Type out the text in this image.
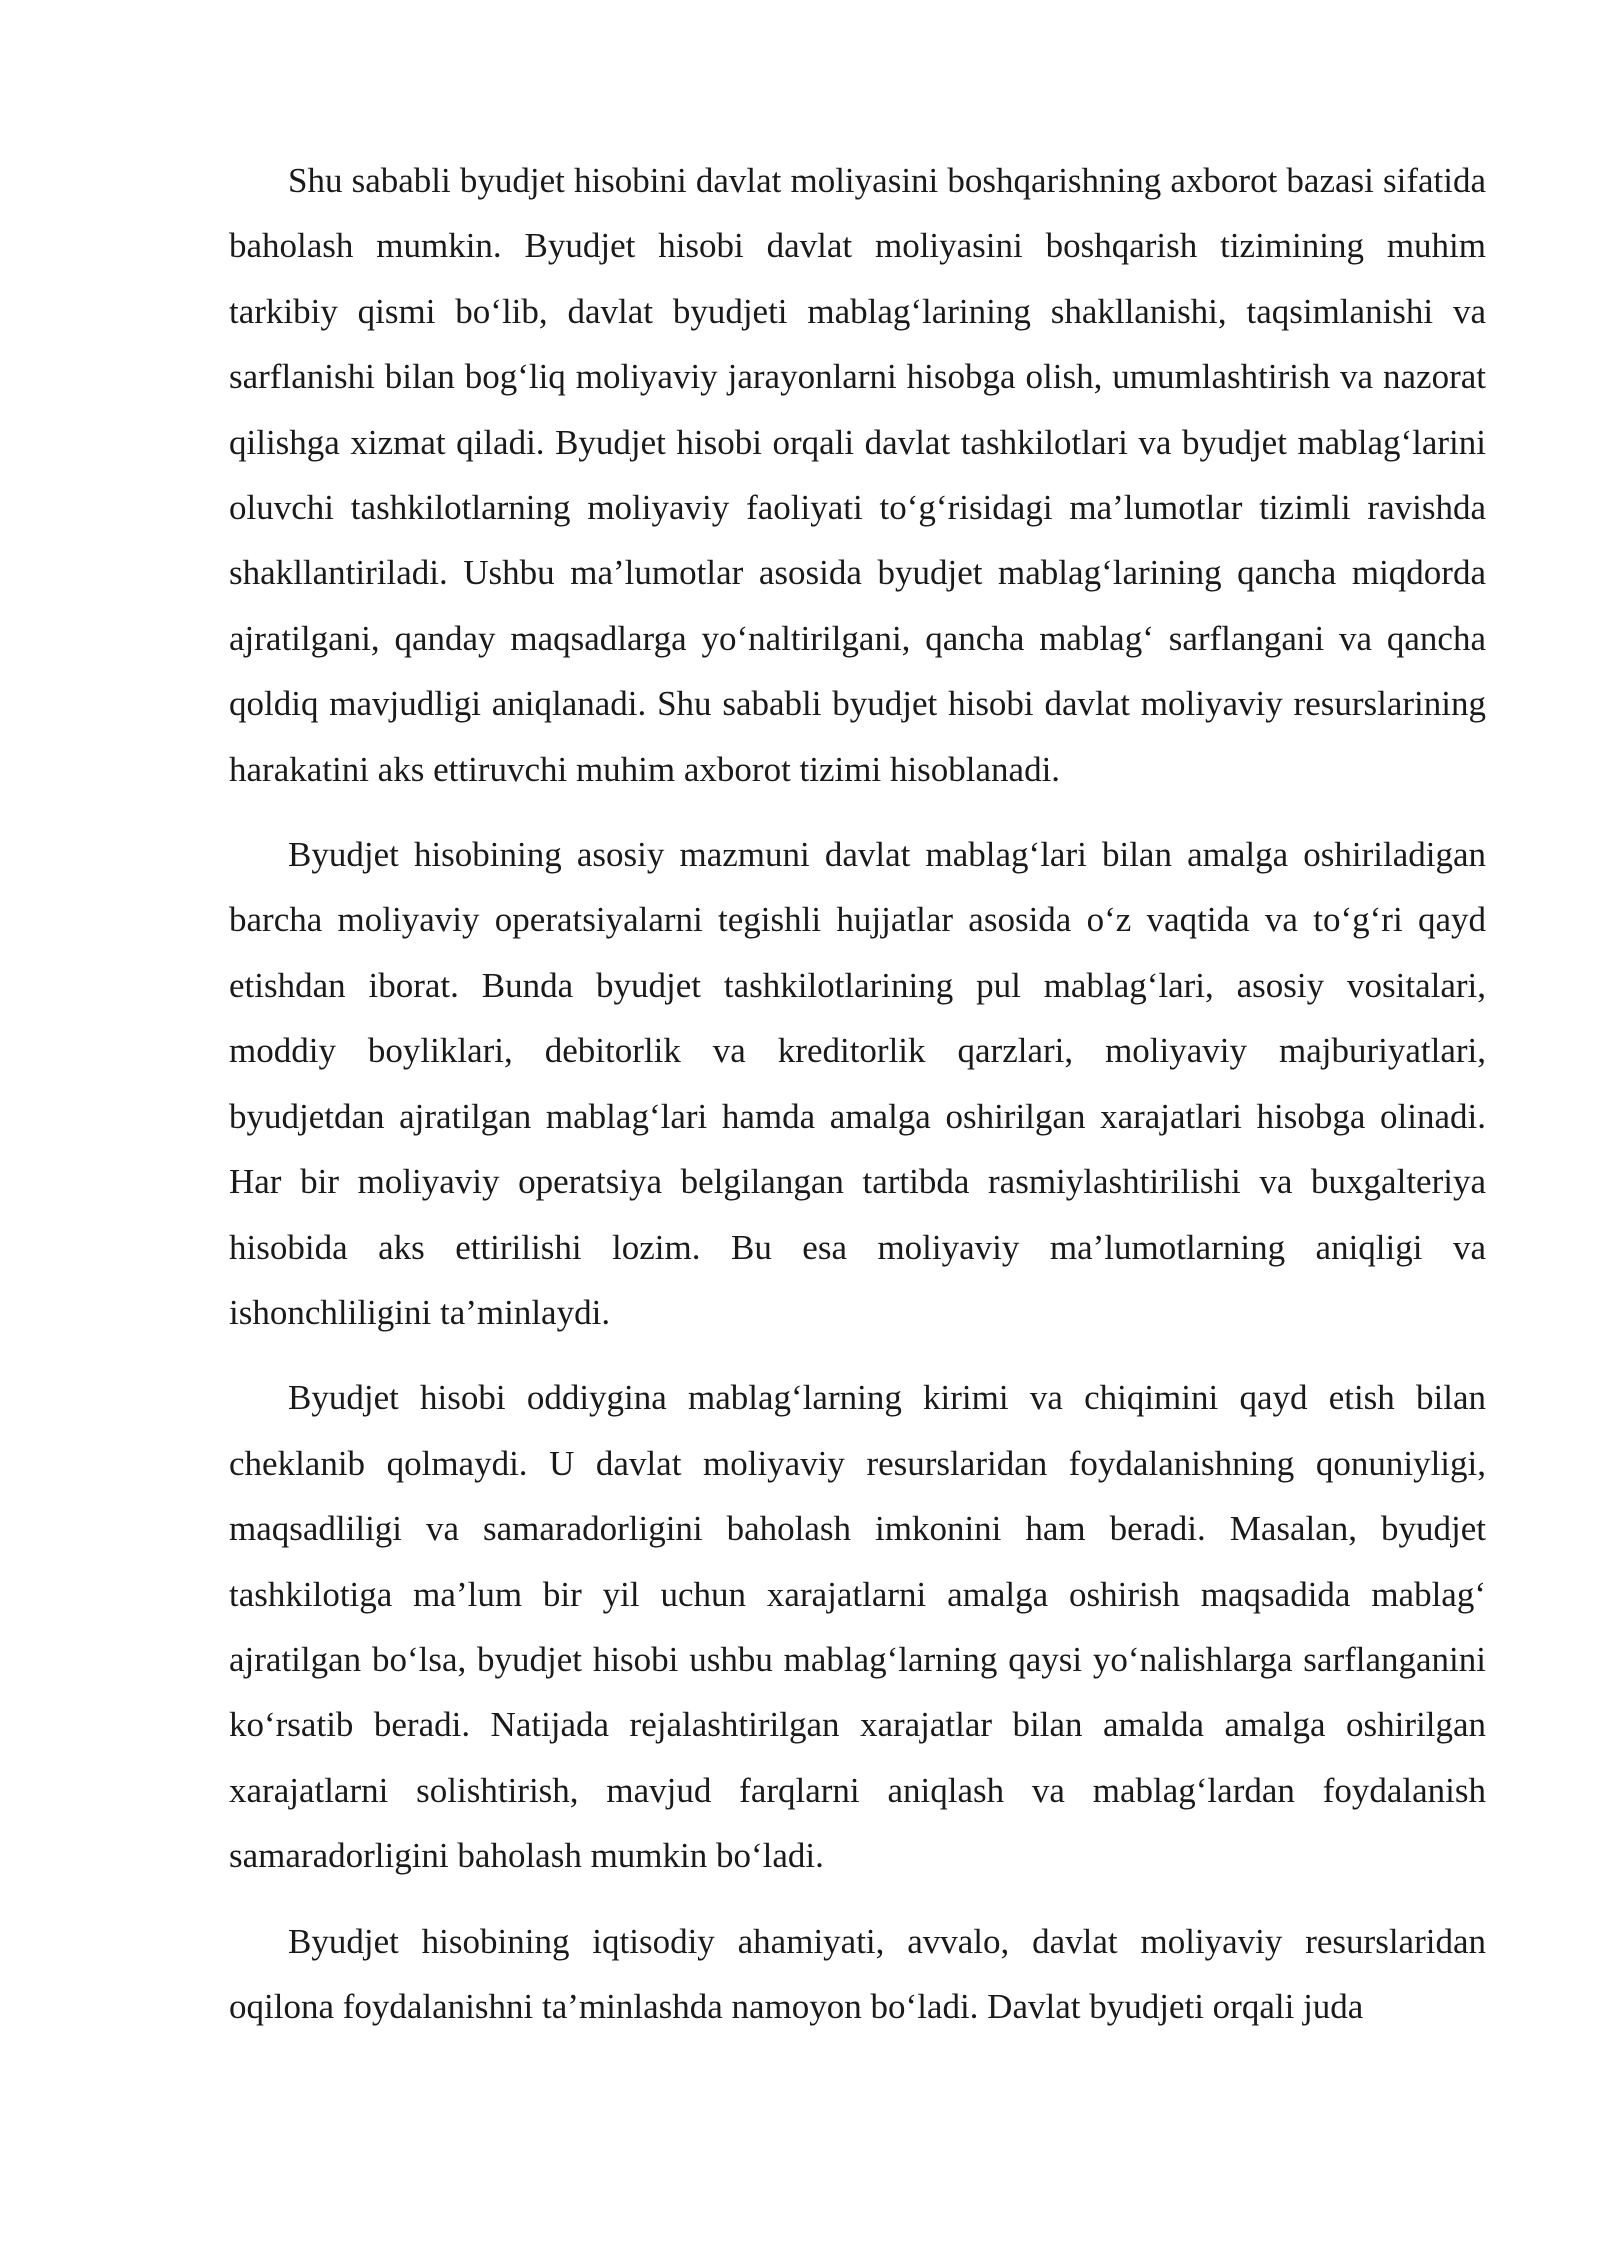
Shu sababli byudjet hisobini davlat moliyasini boshqarishning axborot bazasi sifatida baholash mumkin. Byudjet hisobi davlat moliyasini boshqarish tizimining muhim tarkibiy qismi bo‘lib, davlat byudjeti mablag‘larining shakllanishi, taqsimlanishi va sarflanishi bilan bog‘liq moliyaviy jarayonlarni hisobga olish, umumlashtirish va nazorat qilishga xizmat qiladi. Byudjet hisobi orqali davlat tashkilotlari va byudjet mablag‘larini oluvchi tashkilotlarning moliyaviy faoliyati to‘g‘risidagi ma’lumotlar tizimli ravishda shakllantiriladi. Ushbu ma’lumotlar asosida byudjet mablag‘larining qancha miqdorda ajratilgani, qanday maqsadlarga yo‘naltirilgani, qancha mablag‘ sarflangani va qancha qoldiq mavjudligi aniqlanadi. Shu sababli byudjet hisobi davlat moliyaviy resurslarining harakatini aks ettiruvchi muhim axborot tizimi hisoblanadi.

Byudjet hisobining asosiy mazmuni davlat mablag‘lari bilan amalga oshiriladigan barcha moliyaviy operatsiyalarni tegishli hujjatlar asosida o‘z vaqtida va to‘g‘ri qayd etishdan iborat. Bunda byudjet tashkilotlarining pul mablag‘lari, asosiy vositalari, moddiy boyliklari, debitorlik va kreditorlik qarzlari, moliyaviy majburiyatlari, byudjetdan ajratilgan mablag‘lari hamda amalga oshirilgan xarajatlari hisobga olinadi. Har bir moliyaviy operatsiya belgilangan tartibda rasmiylashtirilishi va buxgalteriya hisobida aks ettirilishi lozim. Bu esa moliyaviy ma’lumotlarning aniqligi va ishonchliligini ta’minlaydi.

Byudjet hisobi oddiygina mablag‘larning kirimi va chiqimini qayd etish bilan cheklanib qolmaydi. U davlat moliyaviy resurslaridan foydalanishning qonuniyligi, maqsadliligi va samaradorligini baholash imkonini ham beradi. Masalan, byudjet tashkilotiga ma’lum bir yil uchun xarajatlarni amalga oshirish maqsadida mablag‘ ajratilgan bo‘lsa, byudjet hisobi ushbu mablag‘larning qaysi yo‘nalishlarga sarflanganini ko‘rsatib beradi. Natijada rejalashtirilgan xarajatlar bilan amalda amalga oshirilgan xarajatlarni solishtirish, mavjud farqlarni aniqlash va mablag‘lardan foydalanish samaradorligini baholash mumkin bo‘ladi.

Byudjet hisobining iqtisodiy ahamiyati, avvalo, davlat moliyaviy resurslaridan oqilona foydalanishni ta’minlashda namoyon bo‘ladi. Davlat byudjeti orqali juda
